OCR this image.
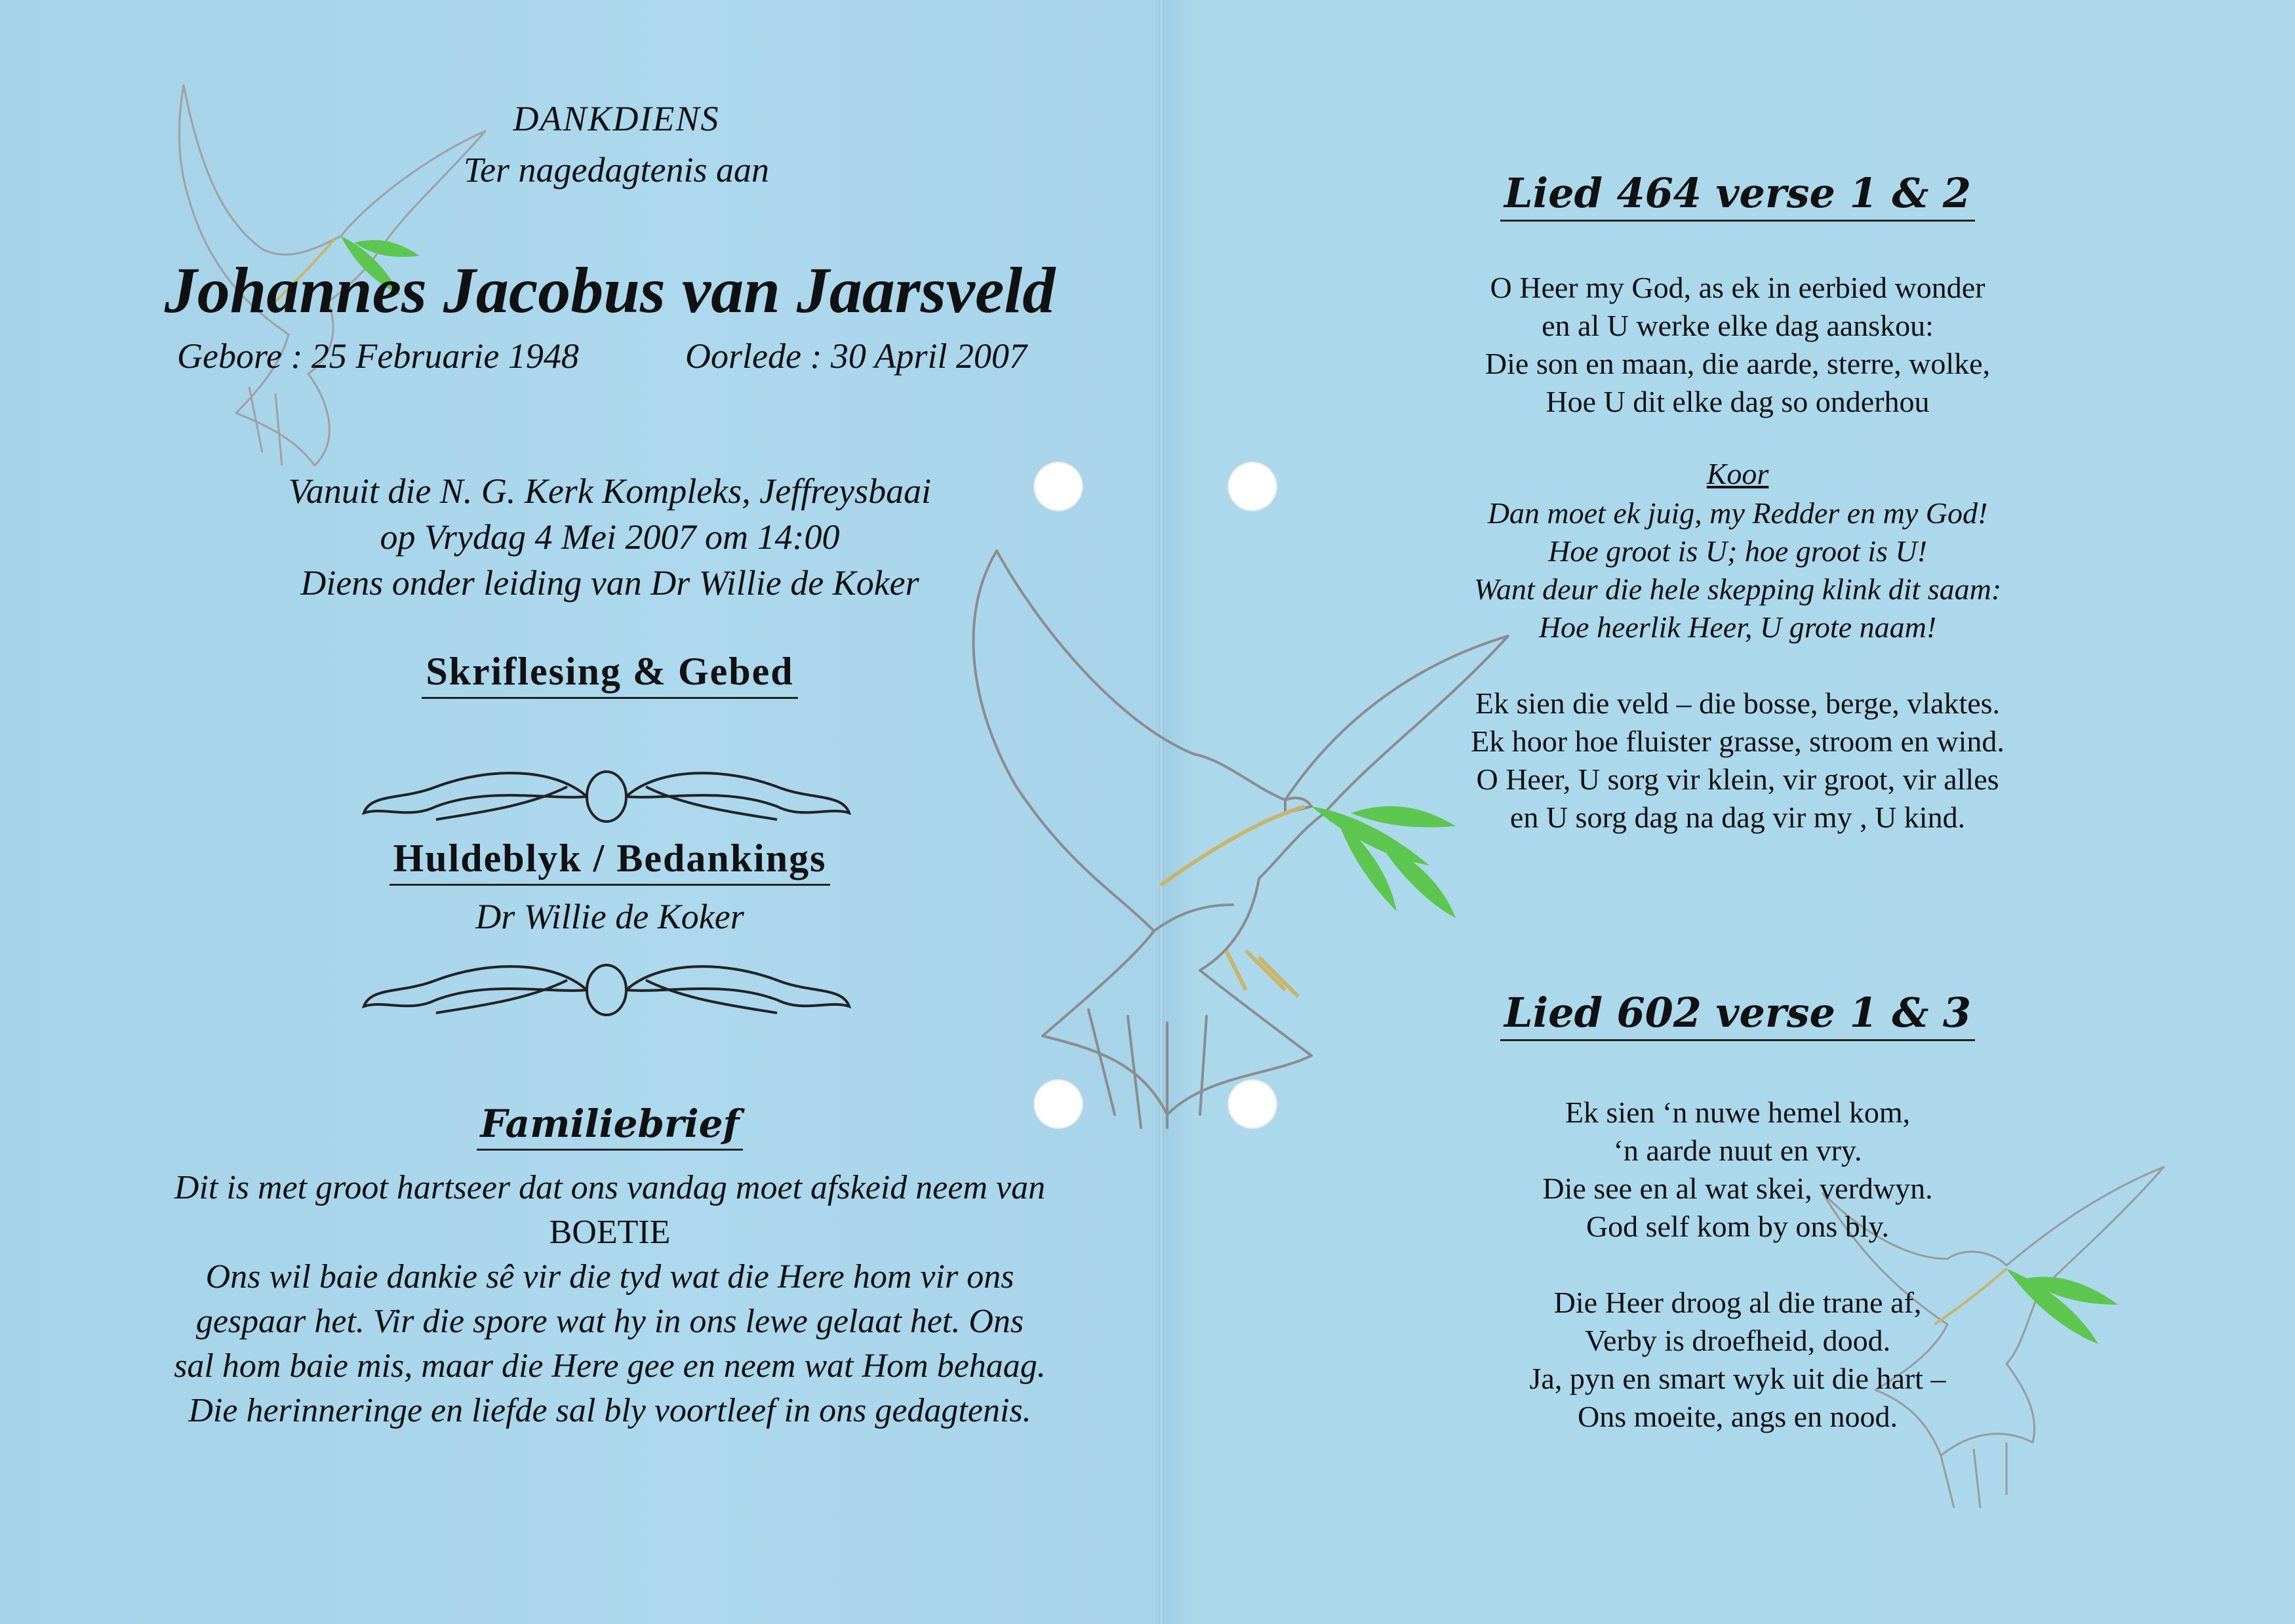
DANKDIENS
Ter nagedagtenis aan
Johannes Jacobus van Jaarsveld
Gebore : 25 Februarie 1948	Oorlede : 30 April 2007
Vanuit die N. G. Kerk Kompleks, Jeffreysbaai
op Vrydag 4 Mei 2007 om 14:00
Diens onder leiding van Dr Willie de Koker
Skriflesing & Gebed
Huldeblyk / Bedankings
Dr Willie de Koker
Familiebrief
Dit is met groot hartseer dat ons vandag moet afskeid neem van
BOETIE
Ons wil baie dankie sê vir die tyd wat die Here hom vir ons
gespaar het. Vir die spore wat hy in ons lewe gelaat het. Ons
sal hom baie mis, maar die Here gee en neem wat Hom behaag.
Die herinneringe en liefde sal bly voortleef in ons gedagtenis.
Lied 464 verse 1 & 2
O Heer my God, as ek in eerbied wonder
en al U werke elke dag aanskou:
Die son en maan, die aarde, sterre, wolke,
Hoe U dit elke dag so onderhou
Koor
Dan moet ek juig, my Redder en my God!
Hoe groot is U; hoe groot is U!
Want deur die hele skepping klink dit saam:
Hoe heerlik Heer, U grote naam!
Ek sien die veld – die bosse, berge, vlaktes.
Ek hoor hoe fluister grasse, stroom en wind.
O Heer, U sorg vir klein, vir groot, vir alles
en U sorg dag na dag vir my , U kind.
Lied 602 verse 1 & 3
Ek sien ‘n nuwe hemel kom,
‘n aarde nuut en vry.
Die see en al wat skei, verdwyn.
God self kom by ons bly.
Die Heer droog al die trane af,
Verby is droefheid, dood.
Ja, pyn en smart wyk uit die hart –
Ons moeite, angs en nood.
